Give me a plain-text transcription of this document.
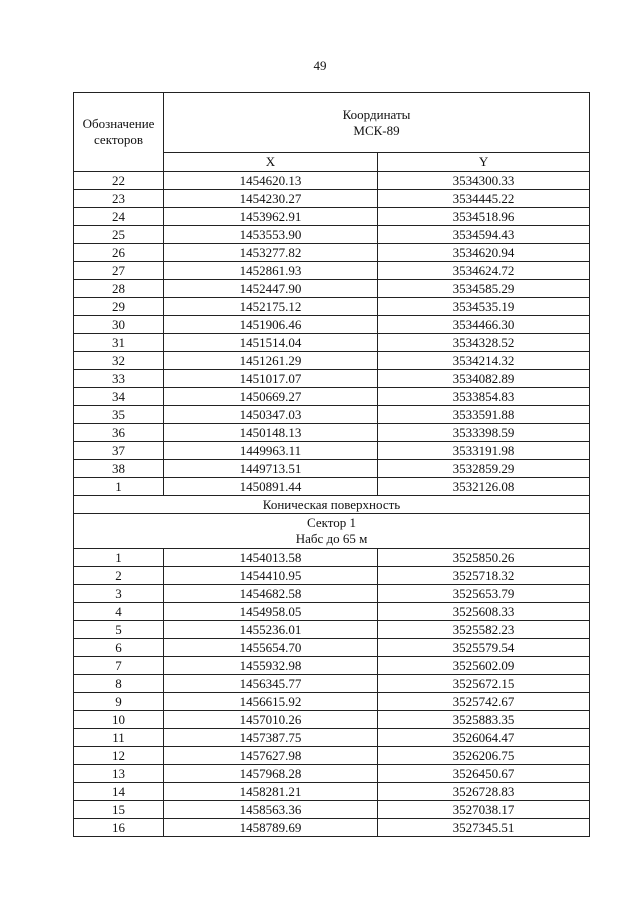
49
Обозначение
секторов	Координаты
МСК-89	

	X	Y
22	1454620.13	3534300.33
23	1454230.27	3534445.22
24	1453962.91	3534518.96
25	1453553.90	3534594.43
26	1453277.82	3534620.94
27	1452861.93	3534624.72
28	1452447.90	3534585.29
29	1452175.12	3534535.19
30	1451906.46	3534466.30
31	1451514.04	3534328.52
32	1451261.29	3534214.32
33	1451017.07	3534082.89
34	1450669.27	3533854.83
35	1450347.03	3533591.88
36	1450148.13	3533398.59
37	1449963.11	3533191.98
38	1449713.51	3532859.29
1	1450891.44	3532126.08
Коническая поверхность		

Сектор 1
Набс до 65 м		

1	1454013.58	3525850.26
2	1454410.95	3525718.32
3	1454682.58	3525653.79
4	1454958.05	3525608.33
5	1455236.01	3525582.23
6	1455654.70	3525579.54
7	1455932.98	3525602.09
8	1456345.77	3525672.15
9	1456615.92	3525742.67
10	1457010.26	3525883.35
11	1457387.75	3526064.47
12	1457627.98	3526206.75
13	1457968.28	3526450.67
14	1458281.21	3526728.83
15	1458563.36	3527038.17
16	1458789.69	3527345.51
